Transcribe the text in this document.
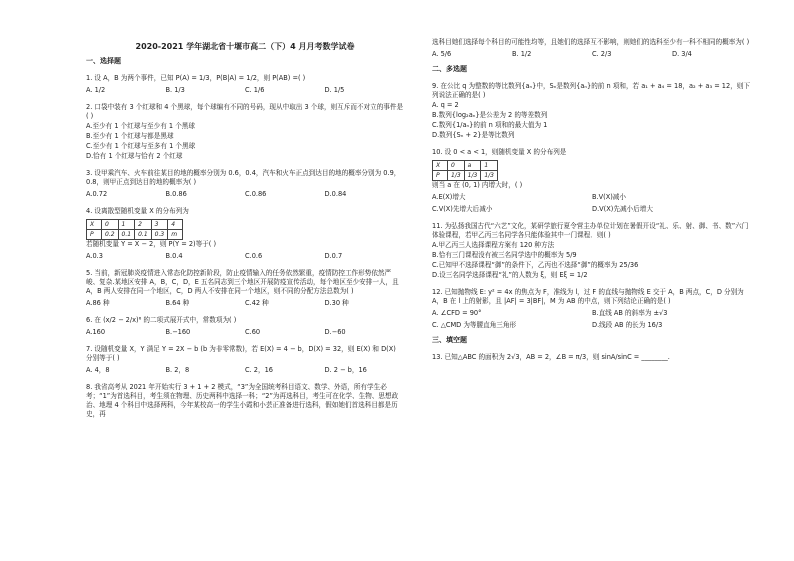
2020-2021 学年湖北省十堰市高二（下）4 月月考数学试卷
一、选择题
1. 设 A，B 为两个事件，已知 P(A) = 1/3，P(B|A) = 1/2，则 P(AB) =( )
A. 1/2	B. 1/3	C. 1/6	D. 1/5
2. 口袋中装有 3 个红球和 4 个黑球，每个球编有不同的号码，现从中取出 3 个球，则互斥而不对立的事件是( )
A.至少有 1 个红球与至少有 1 个黑球
B.至少有 1 个红球与都是黑球
C.至少有 1 个红球与至多有 1 个黑球
D.恰有 1 个红球与恰有 2 个红球
3. 设甲乘汽车、火车前往某目的地的概率分别为 0.6，0.4，汽车和火车正点到达目的地的概率分别为 0.9，0.8，则甲正点到达目的地的概率为( )
A.0.72	B.0.86	C.0.86	D.0.84
4. 设离散型随机变量 X 的分布列为
X	0	1	2	3	4
P	0.2	0.1	0.1	0.3	m
若随机变量 Y = X − 2，则 P(Y = 2)等于( )
A.0.3	B.0.4	C.0.6	D.0.7
5. 当前，新冠肺炎疫情进入常态化防控新阶段，防止疫情输入的任务依然繁重，疫情防控工作形势依然严峻、复杂.某地区安排 A，B，C，D，E 五名同志到三个地区开展防疫宣传活动，每个地区至少安排一人，且 A，B 两人安排在同一个地区，C，D 两人不安排在同一个地区，则不同的分配方法总数为( )
A.86 种	B.64 种	C.42 种	D.30 种
6. 在 (x/2 − 2/x)⁶ 的二项式展开式中，常数项为( )
A.160	B.−160	C.60	D.−60
7. 设随机变量 X，Y 满足 Y = 2X − b (b 为非零常数)，若 E(X) = 4 − b，D(X) = 32，则 E(X) 和 D(X) 分别等于( )
A. 4，8	B. 2，8	C. 2，16	D. 2 − b，16
8. 我省高考从 2021 年开始实行 3 + 1 + 2 模式，“3”为全国统考科目语文、数学、外语，所有学生必考；“1”为首选科目，考生须在物理、历史两科中选择一科；“2”为再选科目，考生可在化学、生物、思想政治、地理 4 个科目中选择两科，今年某校高一的学生小霞和小芸正准备进行选科，假如她们首选科目都是历史，再
选科目她们选择每个科目的可能性均等，且她们的选择互不影响，则她们的选科至少有一科不相同的概率为( )
A. 5/6	B. 1/2	C. 2/3	D. 3/4
二、多选题
9. 在公比 q 为整数的等比数列{aₙ}中，Sₙ是数列{aₙ}的前 n 项和，若 a₁ + a₄ = 18，a₂ + a₃ = 12，则下列说法正确的是( )
A. q = 2
B.数列{log₂aₙ}是公差为 2 的等差数列
C.数列{1/aₙ}的前 n 项和的最大值为 1
D.数列{Sₙ + 2}是等比数列
10. 设 0 < a < 1，则随机变量 X 的分布列是
X	0	a	1
P	1/3	1/3	1/3
则当 a 在 (0, 1) 内增大时，( )
A.E(X)增大	B.V(X)减小
C.V(X)先增大后减小	D.V(X)先减小后增大
11. 为弘扬我国古代“六艺”文化，某研学旅行夏令营主办单位计划在暑假开设“礼、乐、射、御、书、数”六门体验课程，若甲乙丙三名同学各只能体验其中一门课程．则( )
A.甲乙丙三人选择课程方案有 120 种方法
B.恰有三门课程没有被三名同学选中的概率为 5/9
C.已知甲不选择课程“御”的条件下，乙丙也不选择“御”的概率为 25/36
D.设三名同学选择课程“礼”的人数为 ξ，则 Eξ = 1/2
12. 已知抛物线 E: y² = 4x 的焦点为 F，准线为 l，过 F 的直线与抛物线 E 交于 A，B 两点，C，D 分别为 A，B 在 l 上的射影，且 |AF| = 3|BF|，M 为 AB 的中点，则下列结论正确的是( )
A. ∠CFD = 90°	B.直线 AB 的斜率为 ±√3
C. △CMD 为等腰直角三角形	D.线段 AB 的长为 16/3
三、填空题
13. 已知△ABC 的面积为 2√3，AB = 2，∠B = π/3，则 sinA/sinC = ________.
